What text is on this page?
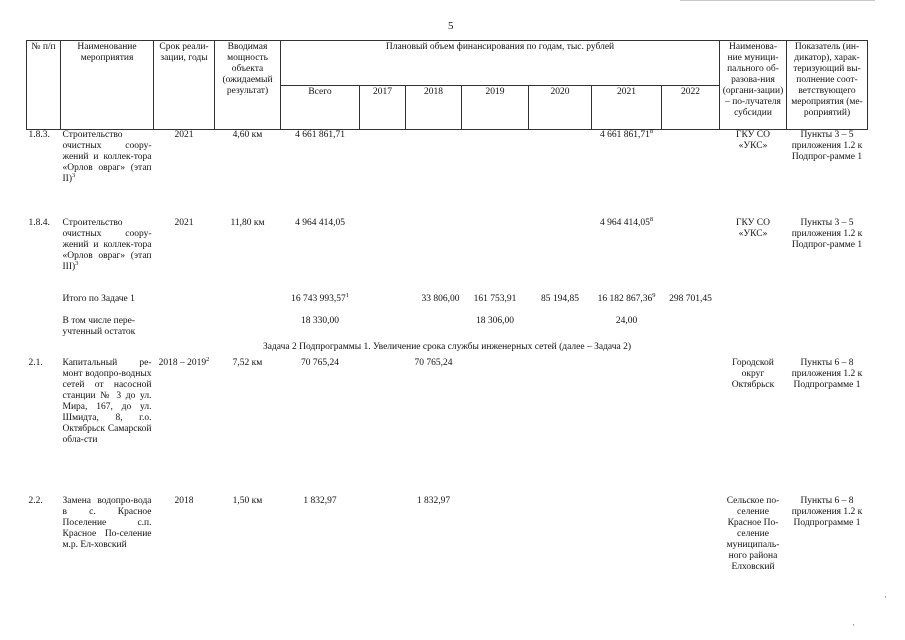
5
№ п/п	Наименование мероприятия	Срок реали-зации, годы	Вводимая мощность объекта (ожидаемый результат)	Плановый объем финансирования по годам, тыс. рублей							Наименова-ние муници-пального об-разова-ния (органи-зации) – по-лучателя субсидии	Показатель (ин-дикатор), харак-теризующий вы-полнение соот-ветствующего мероприятия (ме-роприятий)
				Всего	2017	2018	2019	2020	2021	2022		
1.8.3.	Строительство очистных соору-жений и коллек-тора «Орлов овраг» (этап II)$^3$	2021	4,60 км	4 661 861,71					4 661 861,71$^8$		ГКУ СО «УКС»	Пункты 3 – 5 приложения 1.2 к Подпрог-рамме 1
1.8.4.	Строительство очистных соору-жений и коллек-тора «Орлов овраг» (этап III)$^3$	2021	11,80 км	4 964 414,05					4 964 414,05$^8$		ГКУ СО «УКС»	Пункты 3 – 5 приложения 1.2 к Подпрог-рамме 1
	Итого по Задаче 1			16 743 993,57$^1$		33 806,00	161 753,91	85 194,85	16 182 867,36$^9$	298 701,45		
	В том числе пере-учтенный остаток			18 330,00			18 306,00		24,00			
Задача 2 Подпрограммы 1. Увеличение срока службы инженерных сетей (далее – Задача 2)												
2.1.	Капитальный ре-монт водопро-водных сетей от насосной станции № 3 до ул. Мира, 167, до ул. Шмидта, 8, г.о. Октябрьск Самарской обла-сти	2018 – 2019$^2$	7,52 км	70 765,24		70 765,24					Городской округ Октябрьск	Пункты 6 – 8 приложения 1.2 к Подпрограмме 1
2.2.	Замена водопро-вода в с. Красное Поселение с.п. Красное По-селение м.р. Ел-ховский	2018	1,50 км	1 832,97		1 832,97					Сельское по-селение Красное По-селение муниципаль-ного района Елховский	Пункты 6 – 8 приложения 1.2 к Подпрограмме 1
·
·
